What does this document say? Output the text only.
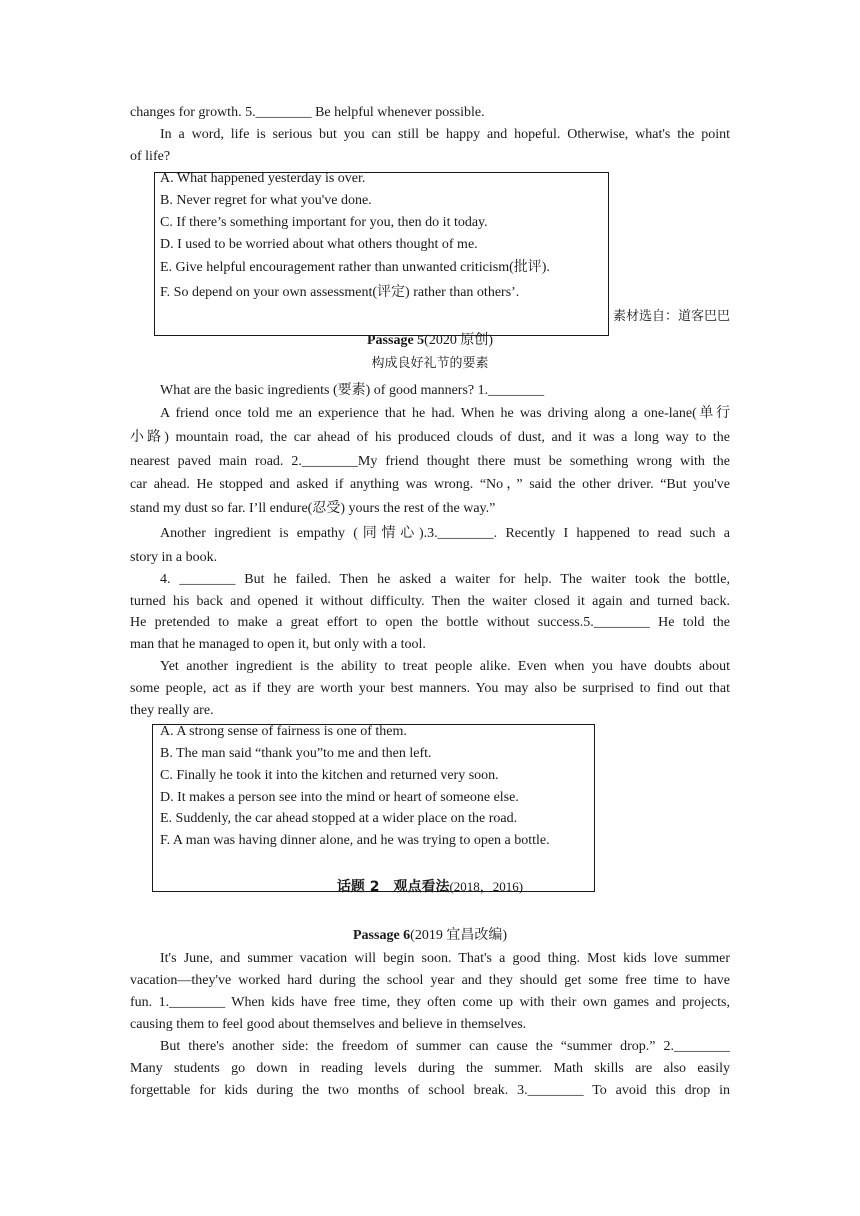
changes for growth. 5.________ Be helpful whenever possible.
In a word, life is serious but you can still be happy and hopeful. Otherwise, what's the point
of life?
A. What happened yesterday is over.
B. Never regret for what you've done.
C. If there’s something important for you, then do it today.
D. I used to be worried about what others thought of me.
E. Give helpful encouragement rather than unwanted criticism(批评).
F. So depend on your own assessment(评定) rather than others’.
素材选自：道客巴巴
Passage 5(2020 原创)
构成良好礼节的要素
What are the basic ingredients (要素) of good manners? 1.________
A friend once told me an experience that he had. When he was driving along a one-lane(单行
小路) mountain road, the car ahead of his produced clouds of dust, and it was a long way to the
nearest paved main road. 2.________My friend thought there must be something wrong with the
car ahead. He stopped and asked if anything was wrong. “No，” said the other driver. “But you've
stand my dust so far. I’ll endure(忍受) yours the rest of the way.”
Another ingredient is empathy (同情心).3.________. Recently I happened to read such a
story in a book.
4. ________ But he failed. Then he asked a waiter for help. The waiter took the bottle,
turned his back and opened it without difficulty. Then the waiter closed it again and turned back.
He pretended to make a great effort to open the bottle without success.5.________ He told the
man that he managed to open it, but only with a tool.
Yet another ingredient is the ability to treat people alike. Even when you have doubts about
some people, act as if they are worth your best manners. You may also be surprised to find out that
they really are.
A. A strong sense of fairness is one of them.
B. The man said “thank you”to me and then left.
C. Finally he took it into the kitchen and returned very soon.
D. It makes a person see into the mind or heart of someone else.
E. Suddenly, the car ahead stopped at a wider place on the road.
F. A man was having dinner alone, and he was trying to open a bottle.
话题 2　观点看法(2018，2016)
Passage 6(2019 宜昌改编)
It's June, and summer vacation will begin soon. That's a good thing. Most kids love summer
vacation—they've worked hard during the school year and they should get some free time to have
fun. 1.________ When kids have free time, they often come up with their own games and projects,
causing them to feel good about themselves and believe in themselves.
But there's another side: the freedom of summer can cause the “summer drop.” 2.________
Many students go down in reading levels during the summer. Math skills are also easily
forgettable for kids during the two months of school break. 3.________ To avoid this drop in
